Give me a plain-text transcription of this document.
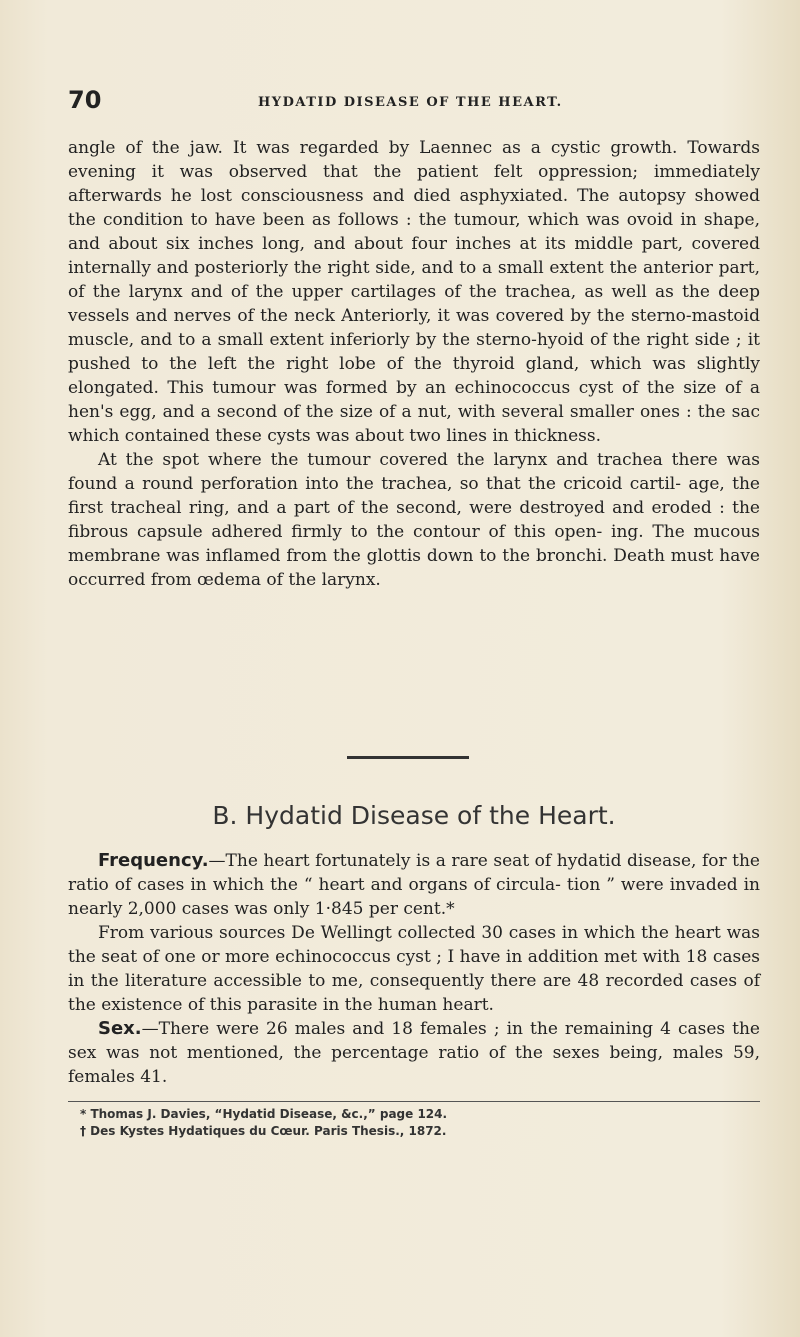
70	HYDATID DISEASE OF THE HEART.

angle of the jaw. It was regarded by Laennec as a cystic growth. Towards evening it was observed that the patient felt oppression; immediately afterwards he lost consciousness and died asphyxiated. The autopsy showed the condition to have been as follows : the tumour, which was ovoid in shape, and about six inches long, and about four inches at its middle part, covered internally and posteriorly the right side, and to a small extent the anterior part, of the larynx and of the upper cartilages of the trachea, as well as the deep vessels and nerves of the neck Anteriorly, it was covered by the sterno-mastoid muscle, and to a small extent inferiorly by the sterno-hyoid of the right side ; it pushed to the left the right lobe of the thyroid gland, which was slightly elongated. This tumour was formed by an echinococcus cyst of the size of a hen's egg, and a second of the size of a nut, with several smaller ones : the sac which contained these cysts was about two lines in thickness.

At the spot where the tumour covered the larynx and trachea there was found a round perforation into the trachea, so that the cricoid cartil- age, the first tracheal ring, and a part of the second, were destroyed and eroded : the fibrous capsule adhered firmly to the contour of this open- ing. The mucous membrane was inflamed from the glottis down to the bronchi. Death must have occurred from œdema of the larynx.

B. Hydatid Disease of the Heart.

Frequency.—The heart fortunately is a rare seat of hydatid disease, for the ratio of cases in which the “ heart and organs of circula- tion ” were invaded in nearly 2,000 cases was only 1·845 per cent.*

From various sources De Wellingt collected 30 cases in which the heart was the seat of one or more echinococcus cyst ; I have in addition met with 18 cases in the literature accessible to me, consequently there are 48 recorded cases of the existence of this parasite in the human heart.

Sex.—There were 26 males and 18 females ; in the remaining 4 cases the sex was not mentioned, the percentage ratio of the sexes being, males 59, females 41.

* Thomas J. Davies, “Hydatid Disease, &c.,” page 124.

† Des Kystes Hydatiques du Cœur. Paris Thesis., 1872.
